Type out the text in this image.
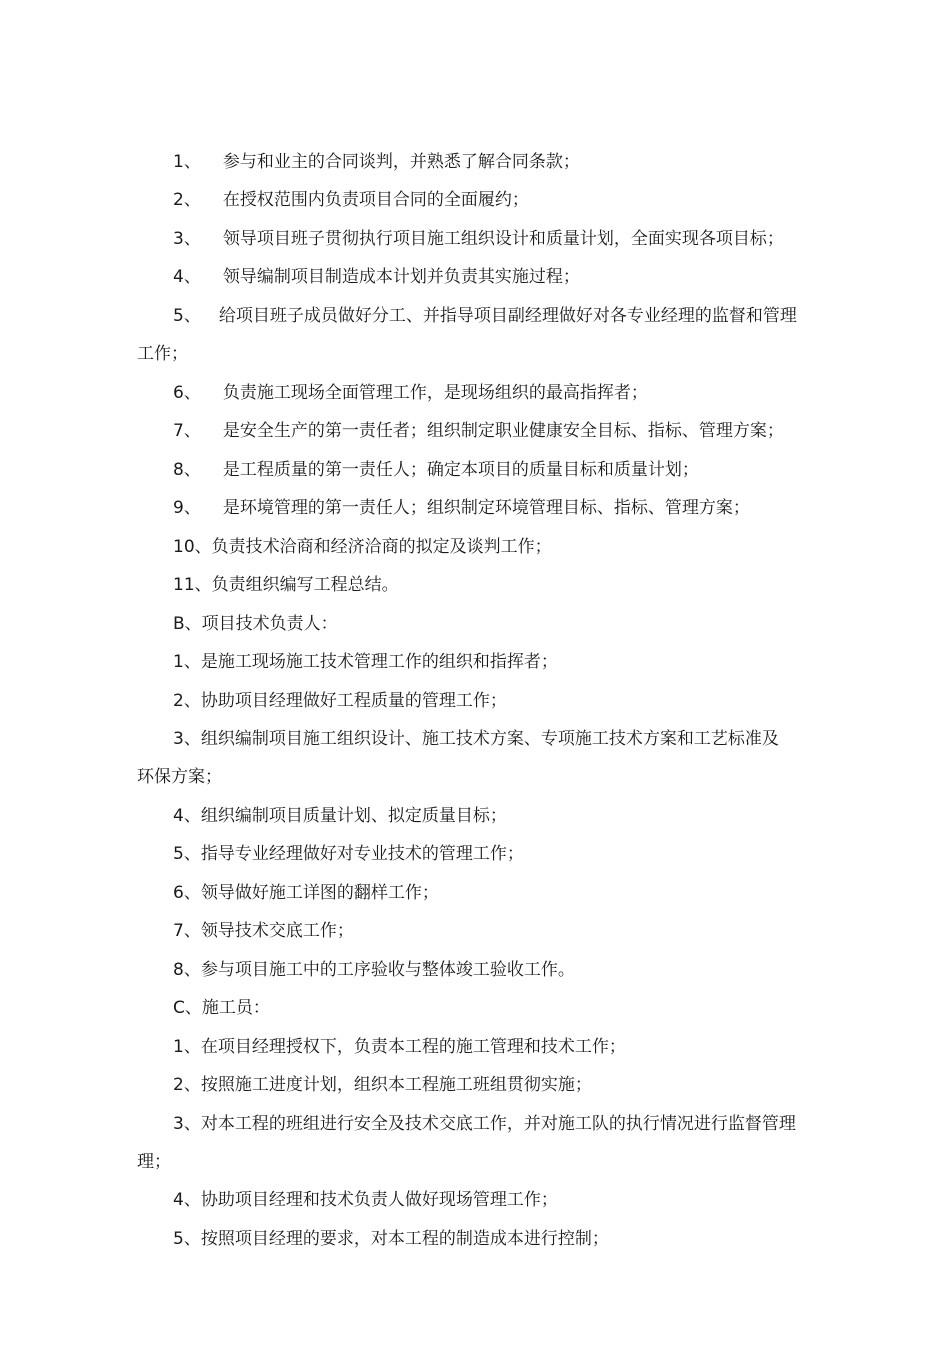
1、 参与和业主的合同谈判，并熟悉了解合同条款；
2、 在授权范围内负责项目合同的全面履约；
3、 领导项目班子贯彻执行项目施工组织设计和质量计划，全面实现各项目标；
4、 领导编制项目制造成本计划并负责其实施过程；
5、 给项目班子成员做好分工、并指导项目副经理做好对各专业经理的监督和管理
工作；
6、 负责施工现场全面管理工作，是现场组织的最高指挥者；
7、 是安全生产的第一责任者；组织制定职业健康安全目标、指标、管理方案；
8、 是工程质量的第一责任人；确定本项目的质量目标和质量计划；
9、 是环境管理的第一责任人；组织制定环境管理目标、指标、管理方案；
10、负责技术洽商和经济洽商的拟定及谈判工作；
11、负责组织编写工程总结。
B、项目技术负责人：
1、是施工现场施工技术管理工作的组织和指挥者；
2、协助项目经理做好工程质量的管理工作；
3、组织编制项目施工组织设计、施工技术方案、专项施工技术方案和工艺标准及
环保方案；
4、组织编制项目质量计划、拟定质量目标；
5、指导专业经理做好对专业技术的管理工作；
6、领导做好施工详图的翻样工作；
7、领导技术交底工作；
8、参与项目施工中的工序验收与整体竣工验收工作。
C、施工员：
1、在项目经理授权下，负责本工程的施工管理和技术工作；
2、按照施工进度计划，组织本工程施工班组贯彻实施；
3、对本工程的班组进行安全及技术交底工作，并对施工队的执行情况进行监督管理
理；
4、协助项目经理和技术负责人做好现场管理工作；
5、按照项目经理的要求，对本工程的制造成本进行控制；
